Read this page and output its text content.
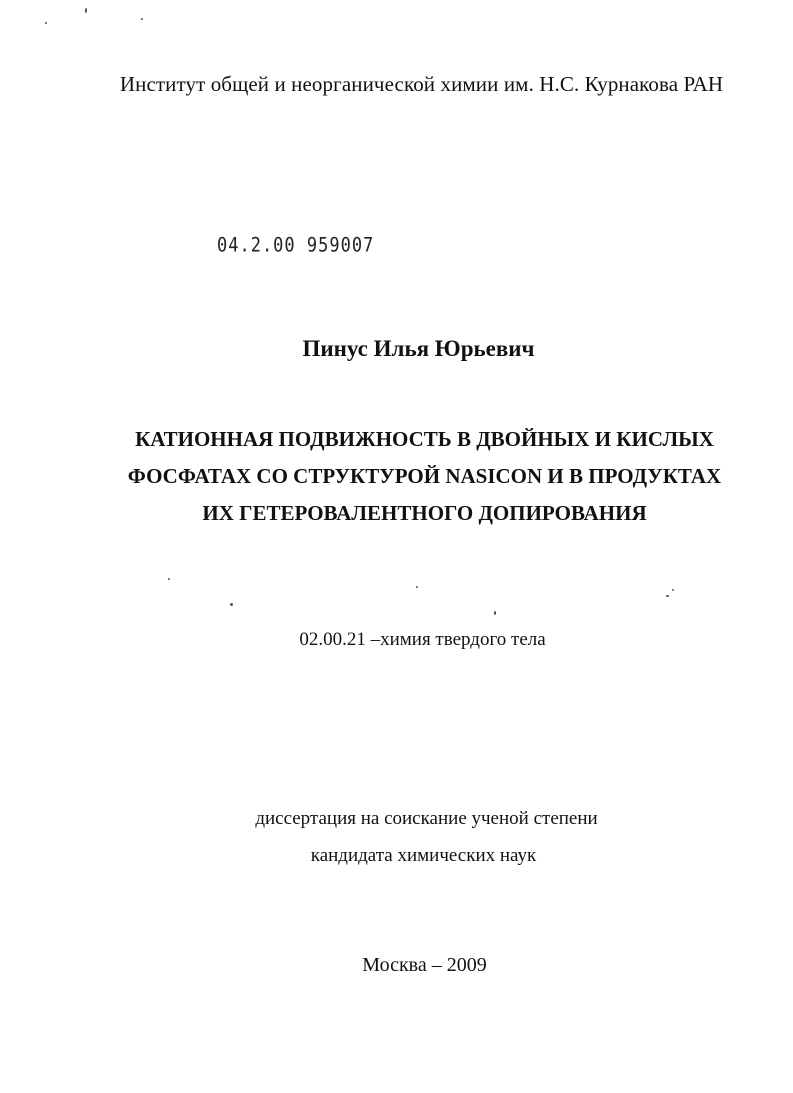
Институт общей и неорганической химии им. Н.С. Курнакова РАН
04.2.00 959007
Пинус Илья Юрьевич
КАТИОННАЯ ПОДВИЖНОСТЬ В ДВОЙНЫХ И КИСЛЫХ
ФОСФАТАХ СО СТРУКТУРОЙ NASICON И В ПРОДУКТАХ
ИХ ГЕТЕРОВАЛЕНТНОГО ДОПИРОВАНИЯ
02.00.21 –химия твердого тела
диссертация на соискание ученой степени
кандидата химических наук
Москва – 2009
